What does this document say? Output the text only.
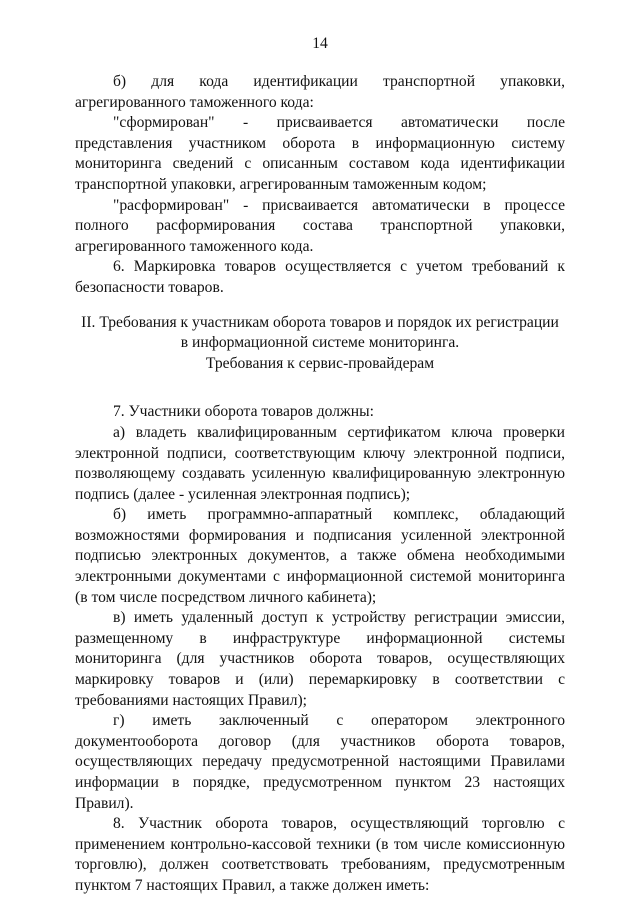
14

б) для кода идентификации транспортной упаковки, агрегированного таможенного кода:

"сформирован" - присваивается автоматически после представления участником оборота в информационную систему мониторинга сведений с описанным составом кода идентификации транспортной упаковки, агрегированным таможенным кодом;

"расформирован" - присваивается автоматически в процессе полного расформирования состава транспортной упаковки, агрегированного таможенного кода.

6. Маркировка товаров осуществляется с учетом требований к безопасности товаров.

II. Требования к участникам оборота товаров и порядок их регистрации
в информационной системе мониторинга.
Требования к сервис-провайдерам

7. Участники оборота товаров должны:

а) владеть квалифицированным сертификатом ключа проверки электронной подписи, соответствующим ключу электронной подписи, позволяющему создавать усиленную квалифицированную электронную подпись (далее - усиленная электронная подпись);

б) иметь программно-аппаратный комплекс, обладающий возможностями формирования и подписания усиленной электронной подписью электронных документов, а также обмена необходимыми электронными документами с информационной системой мониторинга (в том числе посредством личного кабинета);

в) иметь удаленный доступ к устройству регистрации эмиссии, размещенному в инфраструктуре информационной системы мониторинга (для участников оборота товаров, осуществляющих маркировку товаров и (или) перемаркировку в соответствии с требованиями настоящих Правил);

г) иметь заключенный с оператором электронного документооборота договор (для участников оборота товаров, осуществляющих передачу предусмотренной настоящими Правилами информации в порядке, предусмотренном пунктом 23 настоящих Правил).

8. Участник оборота товаров, осуществляющий торговлю с применением контрольно-кассовой техники (в том числе комиссионную торговлю), должен соответствовать требованиям, предусмотренным пунктом 7 настоящих Правил, а также должен иметь:
